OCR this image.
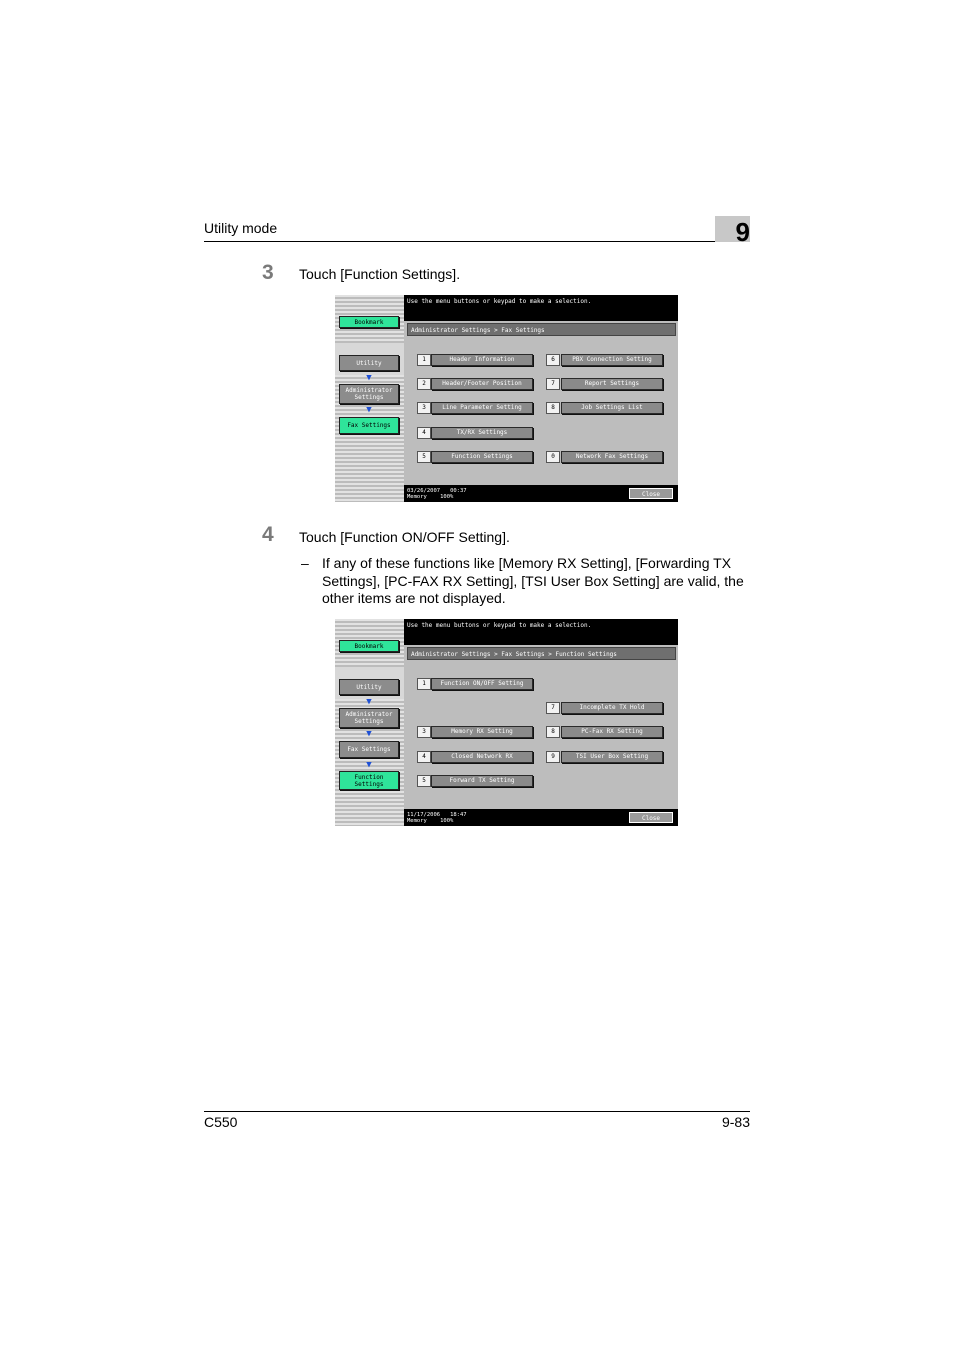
Utility mode	9
3 Touch [Function Settings].
Bookmark
Utility
▼
Administrator Settings
▼
Fax Settings
Use the menu buttons or keypad to make a selection.
Administrator Settings > Fax Settings
1	Header Information
2	Header/Footer Position
3	Line Parameter Setting
4	TX/RX Settings
5	Function Settings
6	PBX Connection Setting
7	Report Settings
8	Job Settings List
0	Network Fax Settings
03/26/2007 00:37
Memory 100%	Close
4 Touch [Function ON/OFF Setting].
– If any of these functions like [Memory RX Setting], [Forwarding TX Settings], [PC-FAX RX Setting], [TSI User Box Setting] are valid, the other items are not displayed.
Bookmark
Utility
▼
Administrator Settings
▼
Fax Settings
▼
Function Settings
Use the menu buttons or keypad to make a selection.
Administrator Settings > Fax Settings > Function Settings
1	Function ON/OFF Setting
3	Memory RX Setting
4	Closed Network RX
5	Forward TX Setting
7	Incomplete TX Hold
8	PC-Fax RX Setting
9	TSI User Box Setting
11/17/2006 18:47
Memory 100%	Close
C550	9-83
